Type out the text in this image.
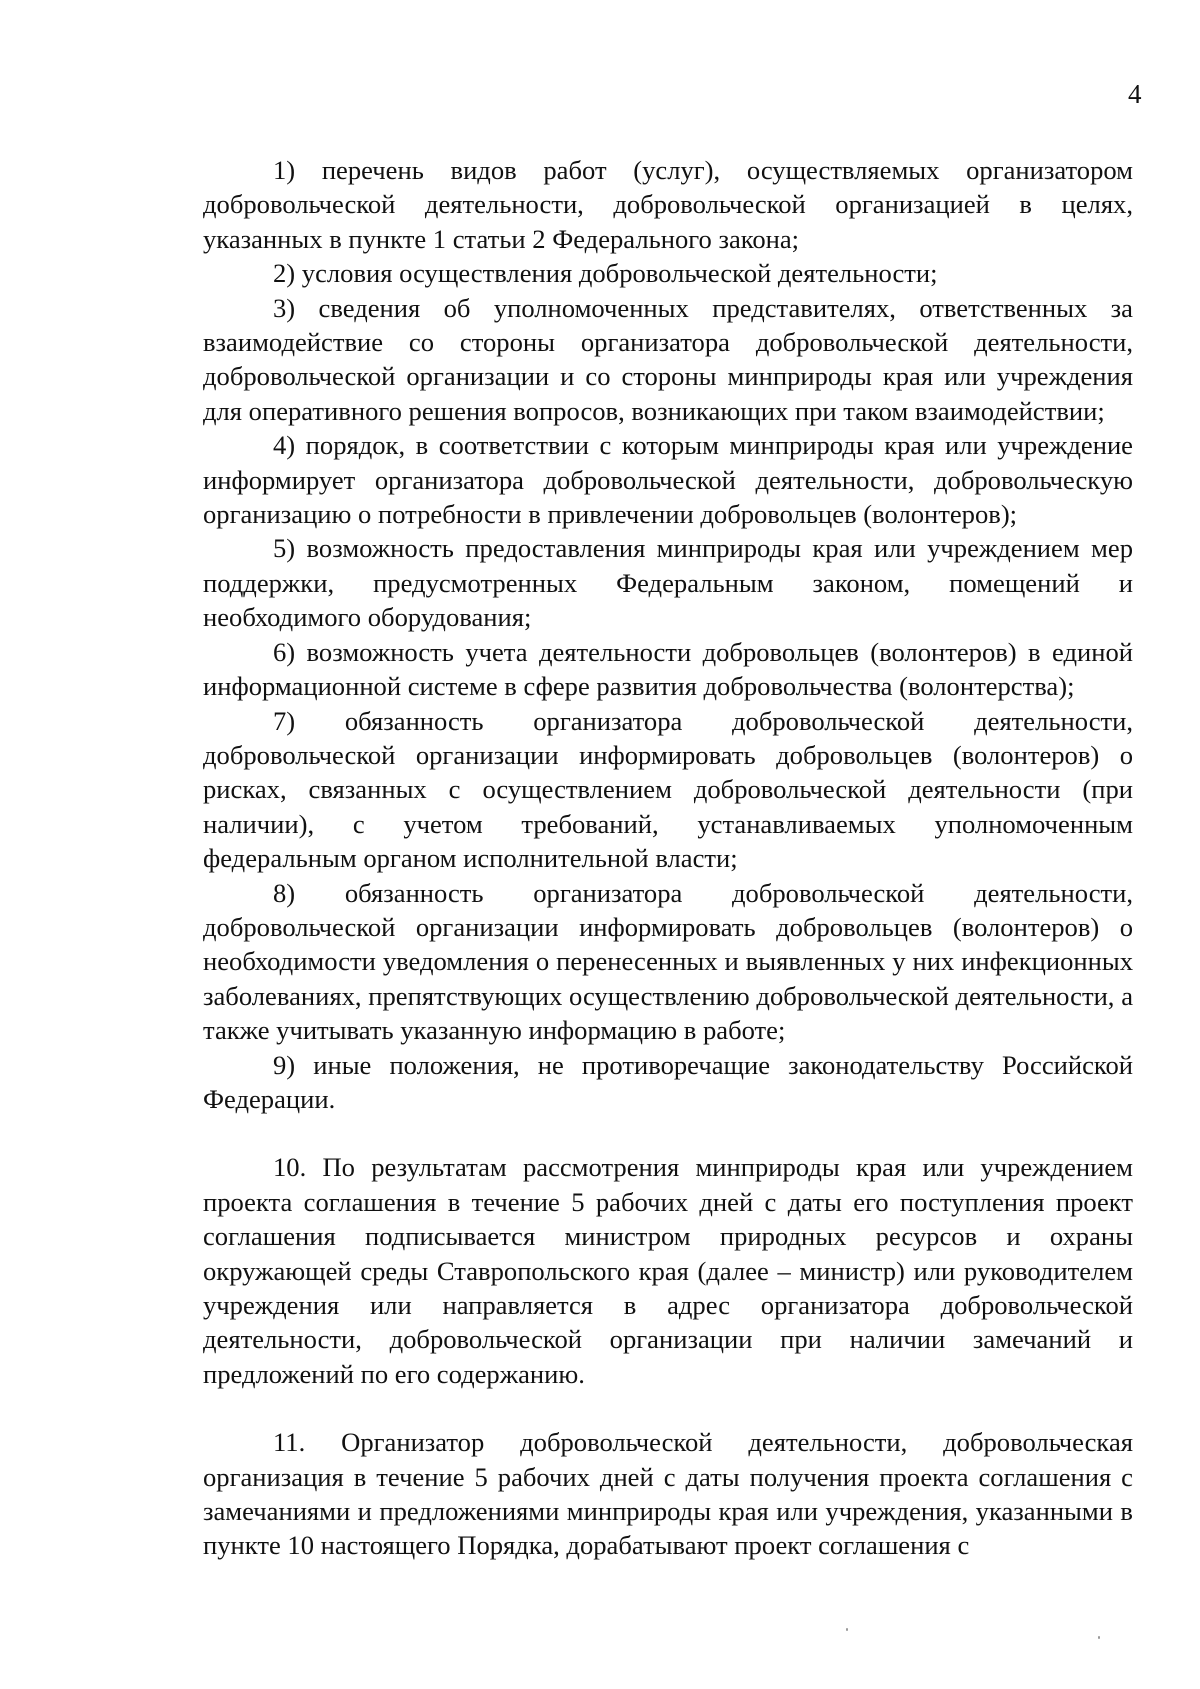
4

1) перечень видов работ (услуг), осуществляемых организатором добровольческой деятельности, добровольческой организацией в целях, указанных в пункте 1 статьи 2 Федерального закона;

2) условия осуществления добровольческой деятельности;

3) сведения об уполномоченных представителях, ответственных за взаимодействие со стороны организатора добровольческой деятельности, добровольческой организации и со стороны минприроды края или учреждения для оперативного решения вопросов, возникающих при таком взаимодействии;

4) порядок, в соответствии с которым минприроды края или учреждение информирует организатора добровольческой деятельности, добровольческую организацию о потребности в привлечении добровольцев (волонтеров);

5) возможность предоставления минприроды края или учреждением мер поддержки, предусмотренных Федеральным законом, помещений и необходимого оборудования;

6) возможность учета деятельности добровольцев (волонтеров) в единой информационной системе в сфере развития добровольчества (волонтерства);

7) обязанность организатора добровольческой деятельности, добровольческой организации информировать добровольцев (волонтеров) о рисках, связанных с осуществлением добровольческой деятельности (при наличии), с учетом требований, устанавливаемых уполномоченным федеральным органом исполнительной власти;

8) обязанность организатора добровольческой деятельности, добровольческой организации информировать добровольцев (волонтеров) о необходимости уведомления о перенесенных и выявленных у них инфекционных заболеваниях, препятствующих осуществлению добровольческой деятельности, а также учитывать указанную информацию в работе;

9) иные положения, не противоречащие законодательству Российской Федерации.

10. По результатам рассмотрения минприроды края или учреждением проекта соглашения в течение 5 рабочих дней с даты его поступления проект соглашения подписывается министром природных ресурсов и охраны окружающей среды Ставропольского края (далее – министр) или руководителем учреждения или направляется в адрес организатора добровольческой деятельности, добровольческой организации при наличии замечаний и предложений по его содержанию.

11. Организатор добровольческой деятельности, добровольческая организация в течение 5 рабочих дней с даты получения проекта соглашения с замечаниями и предложениями минприроды края или учреждения, указанными в пункте 10 настоящего Порядка, дорабатывают проект соглашения с
